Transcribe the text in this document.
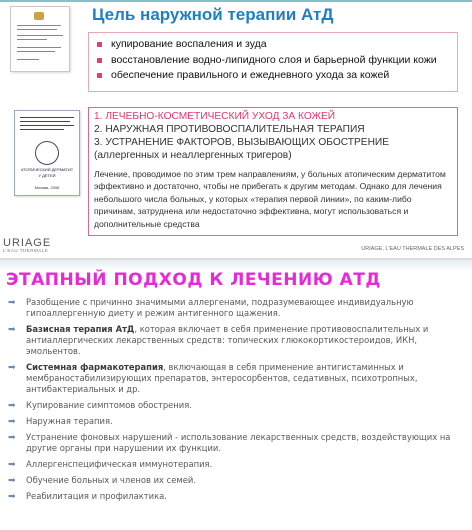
АТОПИЧЕСКИЙ ДЕРМАТИТ
У ДЕТЕЙ
Москва, 2006
Цель наружной терапии АтД
купирование воспаления и зуда
восстановление водно-липидного слоя и барьерной функции кожи
обеспечение правильного и ежедневного ухода за кожей
1. ЛЕЧЕБНО-КОСМЕТИЧЕСКИЙ УХОД ЗА КОЖЕЙ
2. НАРУЖНАЯ ПРОТИВОВОСПАЛИТЕЛЬНАЯ ТЕРАПИЯ
3. УСТРАНЕНИЕ ФАКТОРОВ, ВЫЗЫВАЮЩИХ ОБОСТРЕНИЕ
(аллергенных и неаллергенных тригеров)
Лечение, проводимое по этим трем направлениям, у больных атопическим дерматитом эффективно и достаточно, чтобы не прибегать к другим методам. Однако для лечения небольшого числа больных, у которых «терапия первой линии», по каким-либо причинам, затруднена или недостаточно эффективна, могут использоваться и дополнительные средства
URIAGE
L'EAU THERMALE	URIAGE, L'EAU THERMALE DES ALPES
ЭТАПНЫЙ ПОДХОД К ЛЕЧЕНИЮ АТД
➡ Разобщение с причинно значимыми аллергенами, подразумевающее индивидуальную гипоаллергенную диету и режим антигенного щажения.
➡ Базисная терапия АтД, которая включает в себя применение противовоспалительных и антиаллергических лекарственных средств: топических глюкокортикостероидов, ИКН, эмольентов.
➡ Системная фармакотерапия, включающая в себя применение антигистаминных и мембраностабилизирующих препаратов, энтеросорбентов, седативных, психотропных, антибактериальных и др.
➡ Купирование симптомов обострения.
➡ Наружная терапия.
➡ Устранение фоновых нарушений - использование лекарственных средств, воздействующих на другие органы при нарушении их функции.
➡ Аллергенспецифическая иммунотерапия.
➡ Обучение больных и членов их семей.
➡ Реабилитация и профилактика.
